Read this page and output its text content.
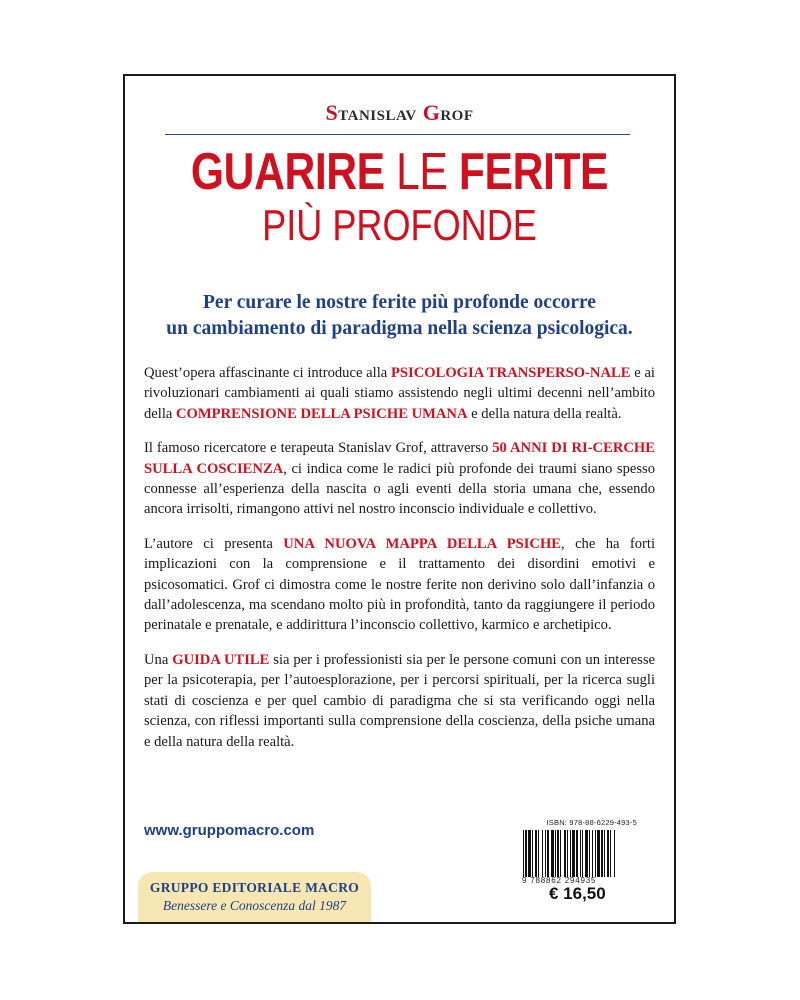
Stanislav Grof
GUARIRE LE FERITE
PIÙ PROFONDE
Per curare le nostre ferite più profonde occorre
un cambiamento di paradigma nella scienza psicologica.

Quest’opera affascinante ci introduce alla PSICOLOGIA TRANSPERSO-NALE e ai rivoluzionari cambiamenti ai quali stiamo assistendo negli ultimi decenni nell’ambito della COMPRENSIONE DELLA PSICHE UMANA e della natura della realtà.

Il famoso ricercatore e terapeuta Stanislav Grof, attraverso 50 ANNI DI RI-CERCHE SULLA COSCIENZA, ci indica come le radici più profonde dei traumi siano spesso connesse all’esperienza della nascita o agli eventi della storia umana che, essendo ancora irrisolti, rimangono attivi nel nostro inconscio individuale e collettivo.

L’autore ci presenta UNA NUOVA MAPPA DELLA PSICHE, che ha forti implicazioni con la comprensione e il trattamento dei disordini emotivi e psicosomatici. Grof ci dimostra come le nostre ferite non derivino solo dall’infanzia o dall’adolescenza, ma scendano molto più in profondità, tanto da raggiungere il periodo perinatale e prenatale, e addirittura l’inconscio collettivo, karmico e archetipico.

Una GUIDA UTILE sia per i professionisti sia per le persone comuni con un interesse per la psicoterapia, per l’autoesplorazione, per i percorsi spirituali, per la ricerca sugli stati di coscienza e per quel cambio di paradigma che si sta verificando oggi nella scienza, con riflessi importanti sulla comprensione della coscienza, della psiche umana e della natura della realtà.

www.gruppomacro.com
GRUPPO EDITORIALE MACRO
Benessere e Conoscenza dal 1987
ISBN: 978-88-6229-493-5
9 788862 294935
€ 16,50
